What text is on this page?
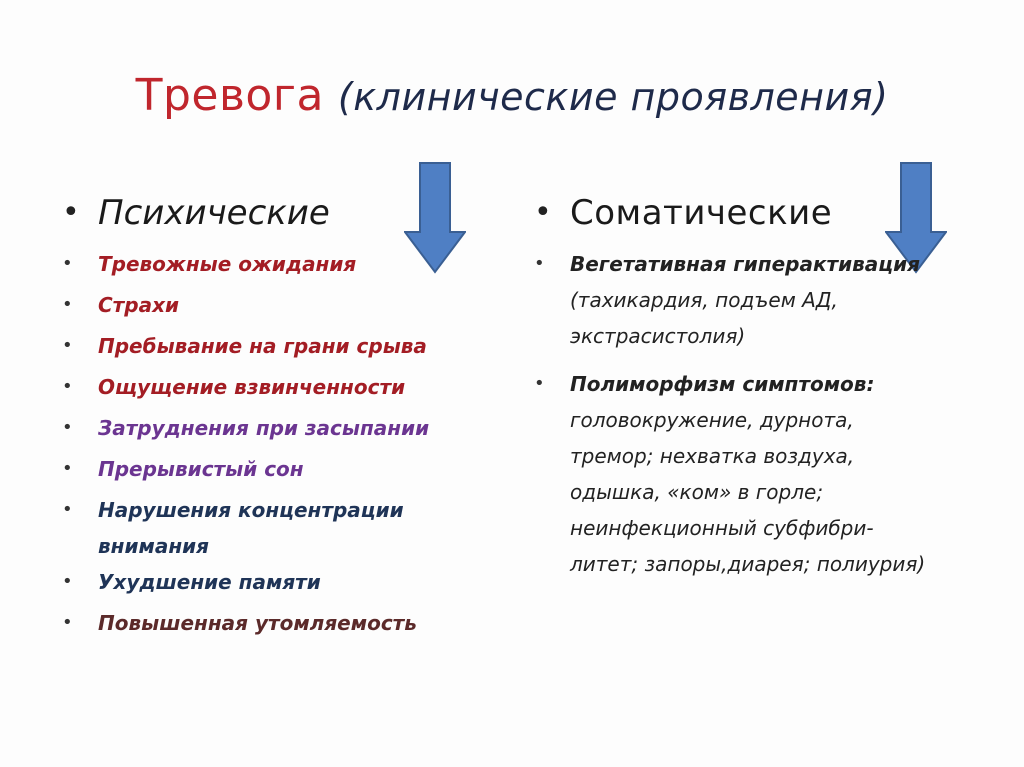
Тревога (клинические проявления)
• Психические
• Тревожные ожидания
• Страхи
• Пребывание на грани срыва
• Ощущение взвинченности
• Затруднения при засыпании
• Прерывистый сон
• Нарушения концентрации внимания
• Ухудшение памяти
• Повышенная утомляемость
• Соматические
• Вегетативная гиперактивация (тахикардия, подъем АД, экстрасистолия)
• Полиморфизм симптомов: головокружение, дурнота, тремор; нехватка воздуха, одышка, «ком» в горле; неинфекционный субфибри-литет; запоры,диарея; полиурия)
